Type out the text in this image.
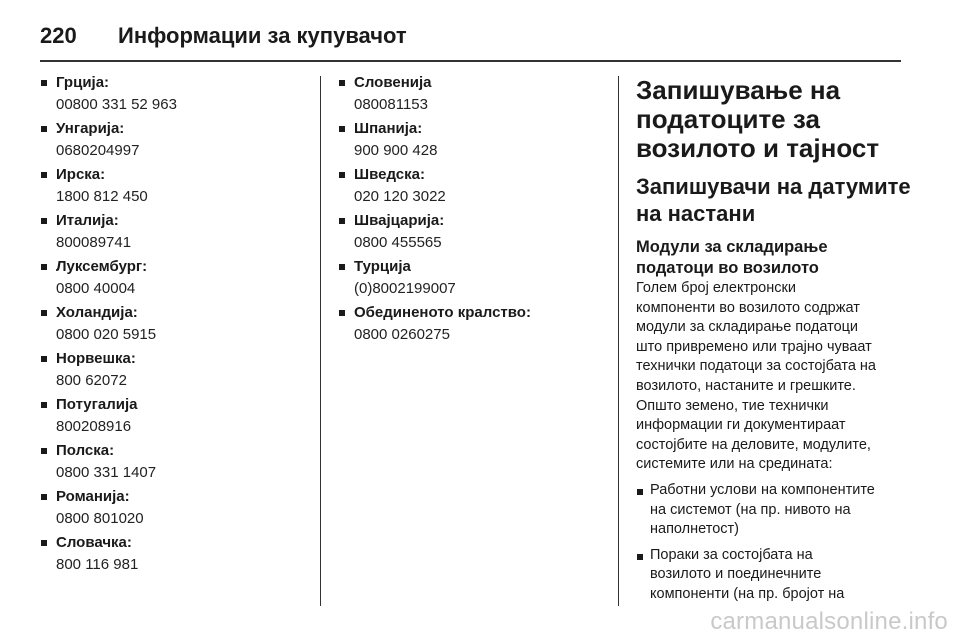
220	Информации за купувачот
Грција:
00800 331 52 963
Унгарија:
0680204997
Ирска:
1800 812 450
Италија:
800089741
Луксембург:
0800 40004
Холандија:
0800 020 5915
Норвешка:
800 62072
Потугалија
800208916
Полска:
0800 331 1407
Романија:
0800 801020
Словачка:
800 116 981
Словенија
080081153
Шпанија:
900 900 428
Шведска:
020 120 3022
Швајцарија:
0800 455565
Турција
(0)8002199007
Обединеното кралство:
0800 0260275
Запишување на
податоците за
возилото и тајност
Запишувачи на датумите
на настани
Модули за складирање
податоци во возилото
Голем број електронски
компоненти во возилото содржат
модули за складирање податоци
што привремено или трајно чуваат
технички податоци за состојбата на
возилото, настаните и грешките.
Општо земено, тие технички
информации ги документираат
состојбите на деловите, модулите,
системите или на средината:
Работни услови на компонентите
на системот (на пр. нивото на
наполнетост)
Пораки за состојбата на
возилото и поединечните
компоненти (на пр. бројот на
carmanualsonline.info
